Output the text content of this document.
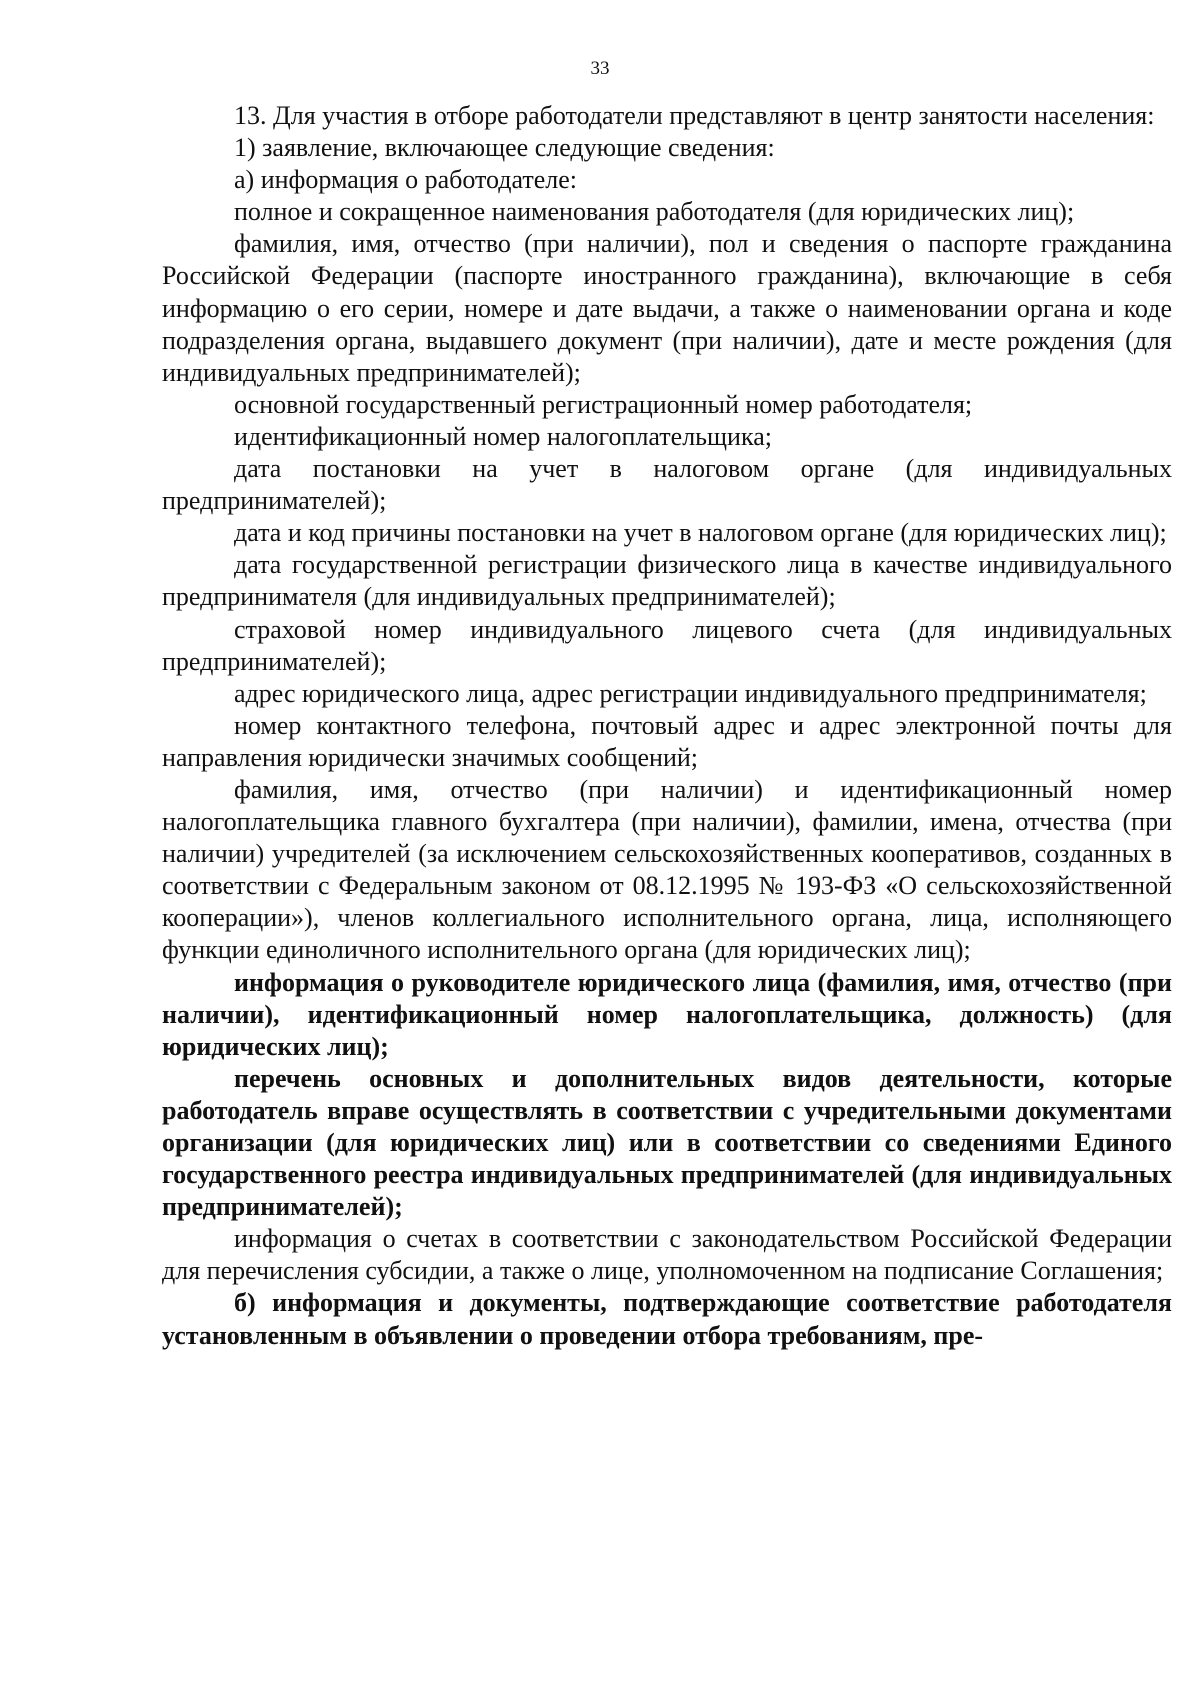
33

13. Для участия в отборе работодатели представляют в центр занятости населения:

1) заявление, включающее следующие сведения:

а) информация о работодателе:

полное и сокращенное наименования работодателя (для юридических лиц);

фамилия, имя, отчество (при наличии), пол и сведения о паспорте гражданина Российской Федерации (паспорте иностранного гражданина), включающие в себя информацию о его серии, номере и дате выдачи, а также о наименовании органа и коде подразделения органа, выдавшего документ (при наличии), дате и месте рождения (для индивидуальных предпринимателей);

основной государственный регистрационный номер работодателя;

идентификационный номер налогоплательщика;

дата постановки на учет в налоговом органе (для индивидуальных предпринимателей);

дата и код причины постановки на учет в налоговом органе (для юридических лиц);

дата государственной регистрации физического лица в качестве индивидуального предпринимателя (для индивидуальных предпринимателей);

страховой номер индивидуального лицевого счета (для индивидуальных предпринимателей);

адрес юридического лица, адрес регистрации индивидуального предпринимателя;

номер контактного телефона, почтовый адрес и адрес электронной почты для направления юридически значимых сообщений;

фамилия, имя, отчество (при наличии) и идентификационный номер налогоплательщика главного бухгалтера (при наличии), фамилии, имена, отчества (при наличии) учредителей (за исключением сельскохозяйственных кооперативов, созданных в соответствии с Федеральным законом от 08.12.1995 № 193-ФЗ «О сельскохозяйственной кооперации»), членов коллегиального исполнительного органа, лица, исполняющего функции единоличного исполнительного органа (для юридических лиц);

информация о руководителе юридического лица (фамилия, имя, отчество (при наличии), идентификационный номер налогоплательщика, должность) (для юридических лиц);

перечень основных и дополнительных видов деятельности, которые работодатель вправе осуществлять в соответствии с учредительными документами организации (для юридических лиц) или в соответствии со сведениями Единого государственного реестра индивидуальных предпринимателей (для индивидуальных предпринимателей);

информация о счетах в соответствии с законодательством Российской Федерации для перечисления субсидии, а также о лице, уполномоченном на подписание Соглашения;

б) информация и документы, подтверждающие соответствие работодателя установленным в объявлении о проведении отбора требованиям, пре-
